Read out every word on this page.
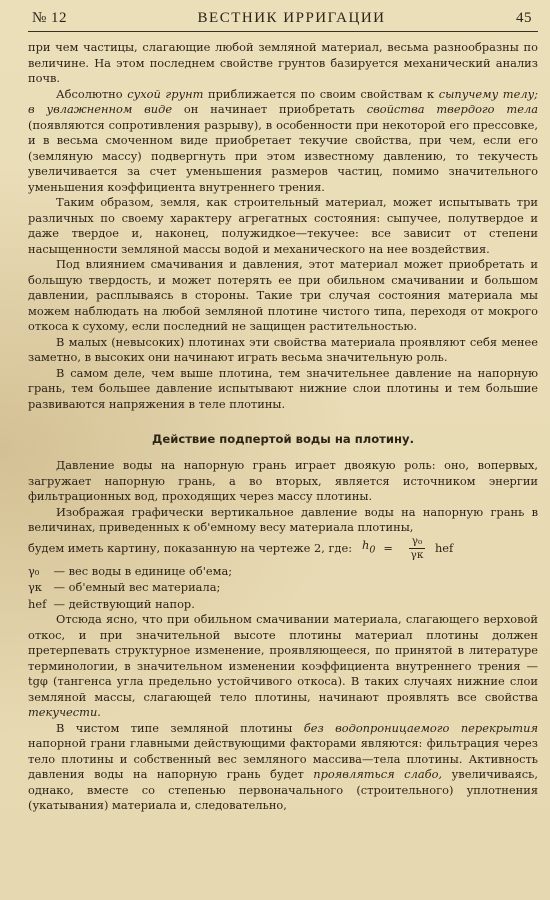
№ 12	ВЕСТНИК ИРРИГАЦИИ	45

при чем частицы, слагающие любой земляной материал, весьма разнообразны по величине. На этом последнем свойстве грунтов базируется механический анализ почв.

Абсолютно сухой грунт приближается по своим свойствам к сыпучему телу; в увлажненном виде он начинает приобретать свойства твердого тела (появляются сопротивления разрыву), в особенности при некоторой его прессовке, и в весьма смоченном виде приобретает текучие свойства, при чем, если его (земляную массу) подвергнуть при этом известному давлению, то текучесть увеличивается за счет уменьшения размеров частиц, помимо значительного уменьшения коэффициента внутреннего трения.

Таким образом, земля, как строительный материал, может испытывать три различных по своему характеру агрегатных состояния: сыпучее, полутвердое и даже твердое и, наконец, полужидкое—текучее: все зависит от степени насыщенности земляной массы водой и механического на нее воздействия.

Под влиянием смачивания и давления, этот материал может приобретать и большую твердость, и может потерять ее при обильном смачивании и большом давлении, расплываясь в стороны. Такие три случая состояния материала мы можем наблюдать на любой земляной плотине чистого типа, переходя от мокрого откоса к сухому, если последний не защищен растительностью.

В малых (невысоких) плотинах эти свойства материала проявляют себя менее заметно, в высоких они начинают играть весьма значительную роль.

В самом деле, чем выше плотина, тем значительнее давление на напорную грань, тем большее давление испытывают нижние слои плотины и тем большие развиваются напряжения в теле плотины.

Действие подпертой воды на плотину.

Давление воды на напорную грань играет двоякую роль: оно, вопервых, загружает напорную грань, а во вторых, является источником энергии фильтрационных вод, проходящих через массу плотины.

Изображая графически вертикальное давление воды на напорную грань в величинах, приведенных к об'емному весу материала плотины,

будем иметь картину, показанную на чертеже 2, где: $h_0 = \frac{\text{γ₀}}{\gamma к}$ hef
γ₀ — вес воды в единице об'ема;
γк — об'емный вес материала;
hef — действующий напор.

Отсюда ясно, что при обильном смачивании материала, слагающего верховой откос, и при значительной высоте плотины материал плотины должен претерпевать структурное изменение, проявляющееся, по принятой в литературе терминологии, в значительном изменении коэффициента внутреннего трения — tgφ (тангенса угла предельно устойчивого откоса). В таких случаях нижние слои земляной массы, слагающей тело плотины, начинают проявлять все свойства текучести.

В чистом типе земляной плотины без водопроницаемого перекрытия напорной грани главными действующими факторами являются: фильтрация через тело плотины и собственный вес земляного массива—тела плотины. Активность давления воды на напорную грань будет проявляться слабо, увеличиваясь, однако, вместе со степенью первоначального (строительного) уплотнения (укатывания) материала и, следовательно,
